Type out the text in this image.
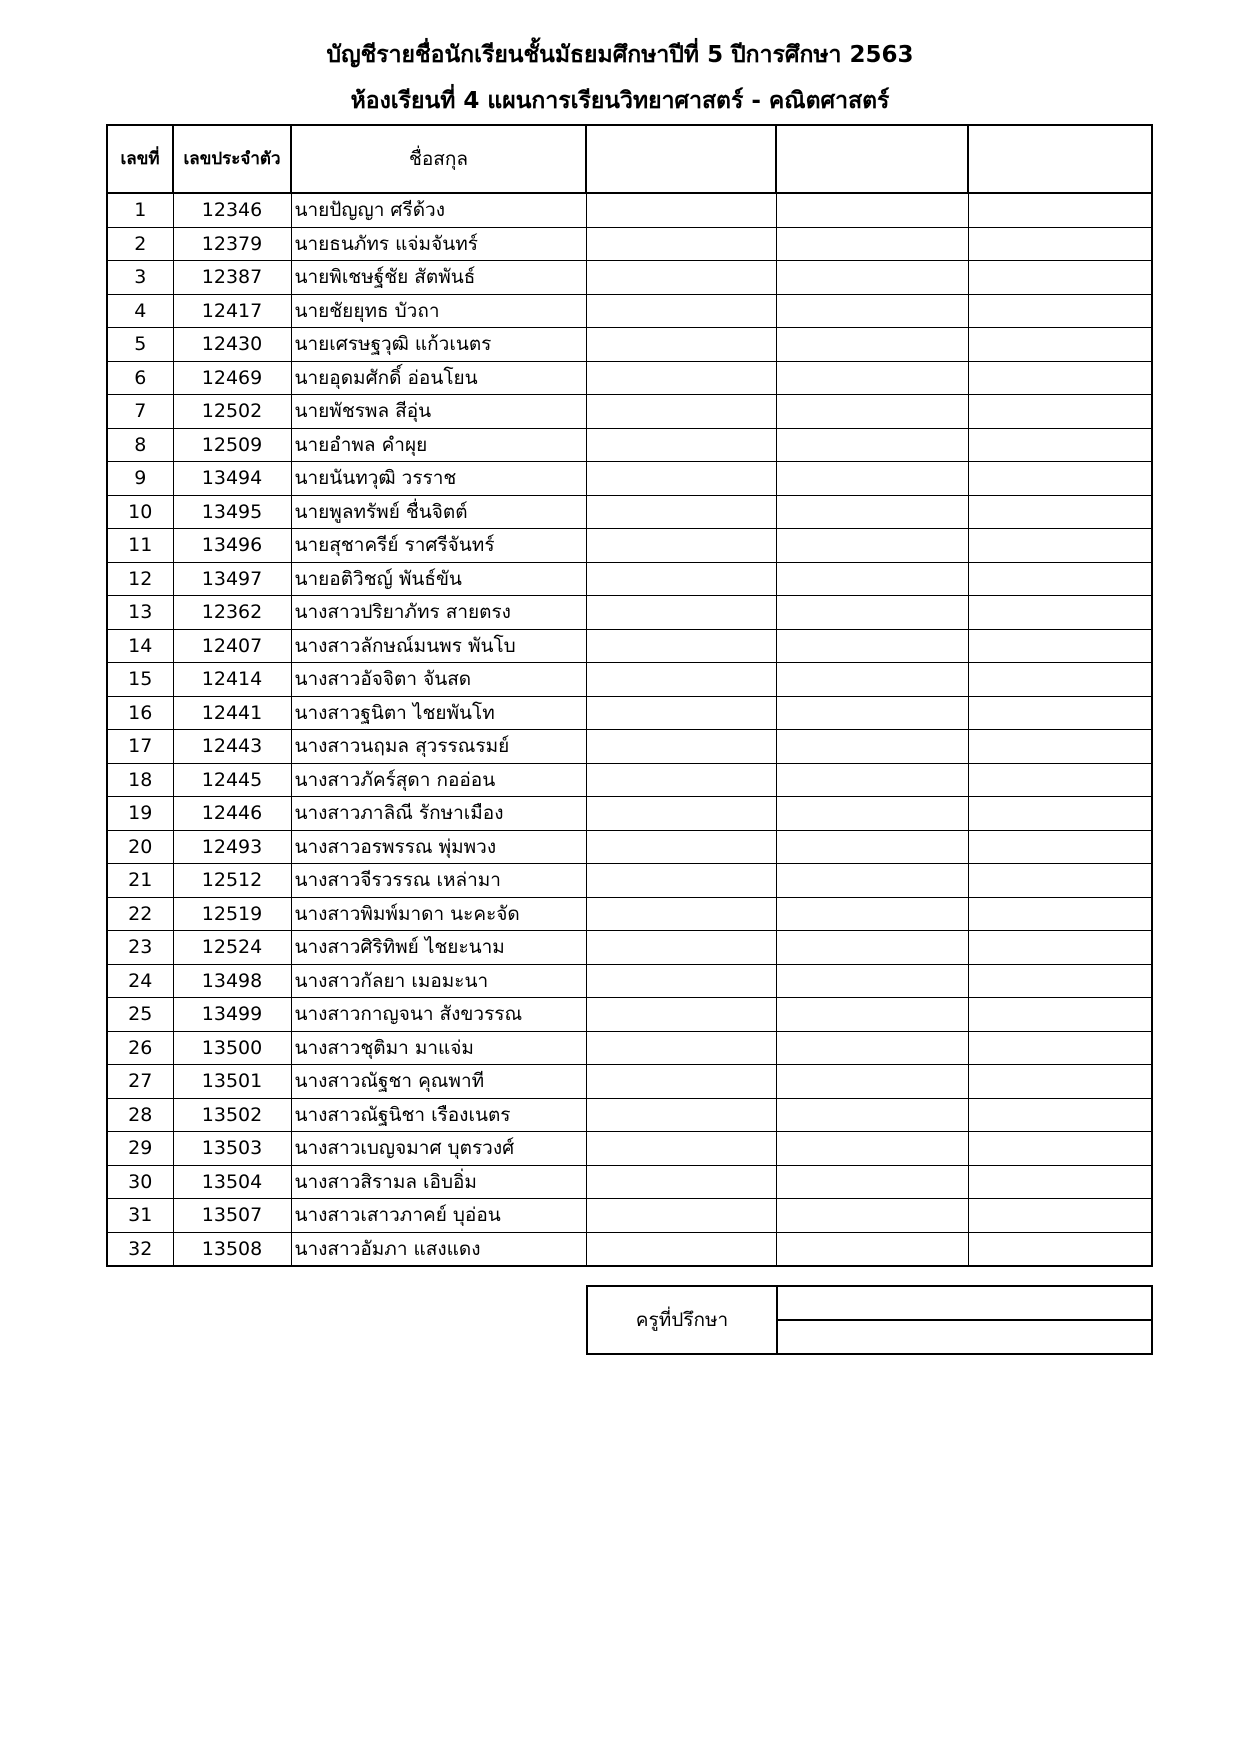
บัญชีรายชื่อนักเรียนชั้นมัธยมศึกษาปีที่ 5 ปีการศึกษา 2563
ห้องเรียนที่ 4 แผนการเรียนวิทยาศาสตร์ - คณิตศาสตร์
เลขที่	เลขประจำตัว	ชื่อสกุล			
1	12346	นายปัญญา ศรีด้วง			
2	12379	นายธนภัทร แจ่มจันทร์			
3	12387	นายพิเชษฐ์ชัย สัตพันธ์			
4	12417	นายชัยยุทธ บัวถา			
5	12430	นายเศรษฐวุฒิ แก้วเนตร			
6	12469	นายอุดมศักดิ์ อ่อนโยน			
7	12502	นายพัชรพล สีอุ่น			
8	12509	นายอำพล คำผุย			
9	13494	นายนันทวุฒิ วรราช			
10	13495	นายพูลทรัพย์ ชื่นจิตต์			
11	13496	นายสุชาครีย์ ราศรีจันทร์			
12	13497	นายอติวิชญ์ พันธ์ขัน			
13	12362	นางสาวปริยาภัทร สายตรง			
14	12407	นางสาวลักษณ์มนพร พันโบ			
15	12414	นางสาวอัจจิตา จันสด			
16	12441	นางสาวฐนิตา ไชยพันโท			
17	12443	นางสาวนฤมล สุวรรณรมย์			
18	12445	นางสาวภัคร์สุดา กออ่อน			
19	12446	นางสาวภาลิณี รักษาเมือง			
20	12493	นางสาวอรพรรณ พุ่มพวง			
21	12512	นางสาวจีรวรรณ เหล่ามา			
22	12519	นางสาวพิมพ์มาดา นะคะจัด			
23	12524	นางสาวศิริทิพย์ ไชยะนาม			
24	13498	นางสาวกัลยา เมอมะนา			
25	13499	นางสาวกาญจนา สังขวรรณ			
26	13500	นางสาวชุติมา มาแจ่ม			
27	13501	นางสาวณัฐชา คุณพาที			
28	13502	นางสาวณัฐนิชา เรืองเนตร			
29	13503	นางสาวเบญจมาศ บุตรวงศ์			
30	13504	นางสาวสิรามล เอิบอิ่ม			
31	13507	นางสาวเสาวภาคย์ บุอ่อน			
32	13508	นางสาวอัมภา แสงแดง			
ครูที่ปรึกษา	
